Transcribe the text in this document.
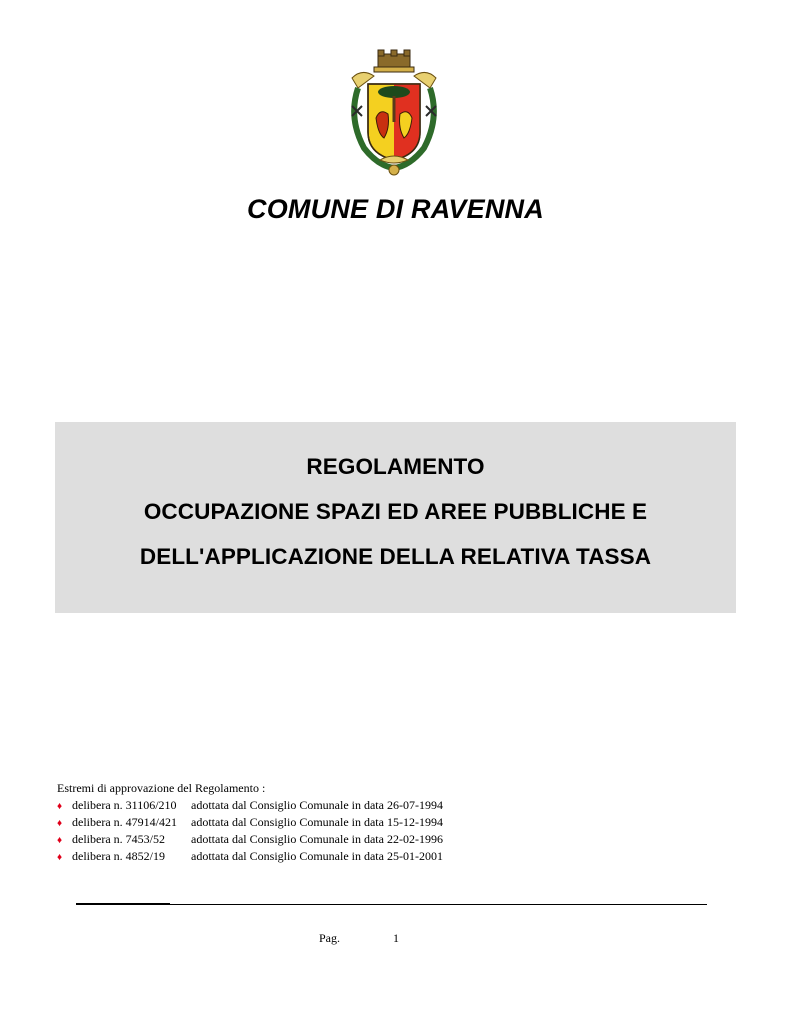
COMUNE DI RAVENNA
REGOLAMENTO
OCCUPAZIONE SPAZI ED AREE PUBBLICHE E
DELL'APPLICAZIONE DELLA RELATIVA TASSA

Estremi di approvazione del Regolamento :

♦ delibera n. 31106/210	adottata dal Consiglio Comunale in data 26-07-1994
♦ delibera n. 47914/421	adottata dal Consiglio Comunale in data 15-12-1994
♦ delibera n. 7453/52	adottata dal Consiglio Comunale in data 22-02-1996
♦ delibera n. 4852/19	adottata dal Consiglio Comunale in data 25-01-2001
Pag.	1
